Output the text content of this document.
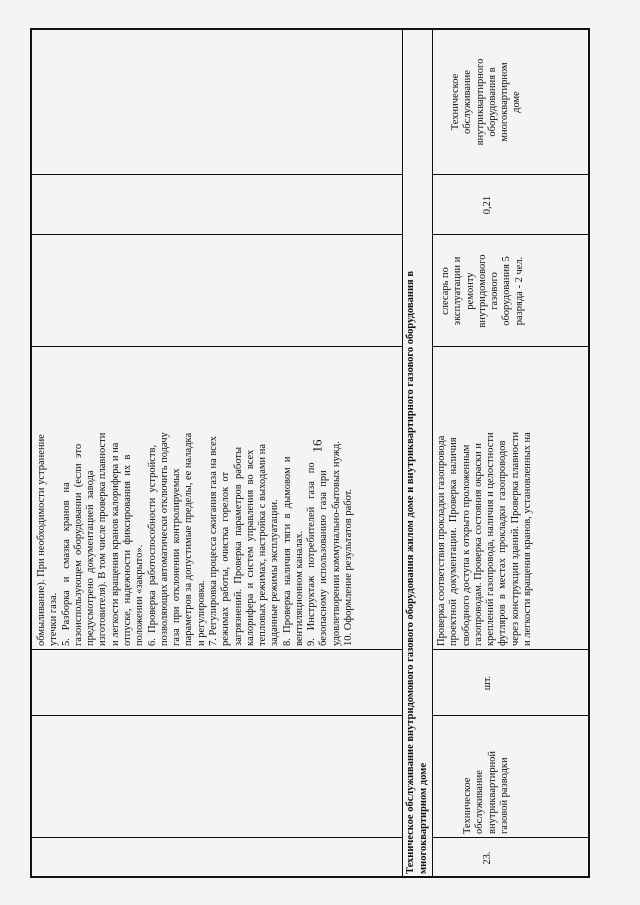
16
обмыливание). При необходимости устранение утечки газа. 5.   Разборка   и   смазка   кранов   на газоиспользующем  оборудовании  (если  это предусмотрено  документацией  завода изготовителя). В том числе проверка плавности и легкости вращения кранов калорифера и на отпуске,  надежности  фиксирования  их  в положении «закрыто». 6.  Проверка  работоспособности  устройств, позволяющих автоматически отключить подачу газа  при  отклонении  контролируемых параметров за допустимые пределы, ее наладка и регулировка. 7. Регулировка процесса сжигания газа на всех режимах  работы,  очистка  горелок  от загрязнений.  Проверка  параметров  работы калорифера  и  систем  управления  во  всех тепловых режимах, настройка с выходами на заданные режимы эксплуатации. 8.  Проверка  наличия  тяги  в  дымовом  и вентиляционном каналах. 9.   Инструктаж   потребителей   газа   по безопасному  использованию  газа  при удовлетворении коммунально-бытовых нужд. 10. Оформление результатов работ.	Техническое обслуживание внутридомового газового оборудования жилом доме и внутриквартирного газового оборудования в многоквартирном доме	23.
Техническое обслуживание внутриквартирной газовой разводки
шт.
Проверка соответствия прокладки газопровода проектной  документации.  Проверка  наличия свободного доступа к открыто проложенным газопроводам. Проверка состояния окраски и креплений газопровода, наличия и целостности футляров  в  местах  прокладки  газопроводов через конструкции зданий. Проверка плавности и легкости вращения кранов, установленных на
слесарь по эксплуатации и ремонту внутридомового газового оборудования 5 разряда - 2 чел.
0,21
Техническое обслуживание внутриквартирного оборудования в многоквартирном доме
